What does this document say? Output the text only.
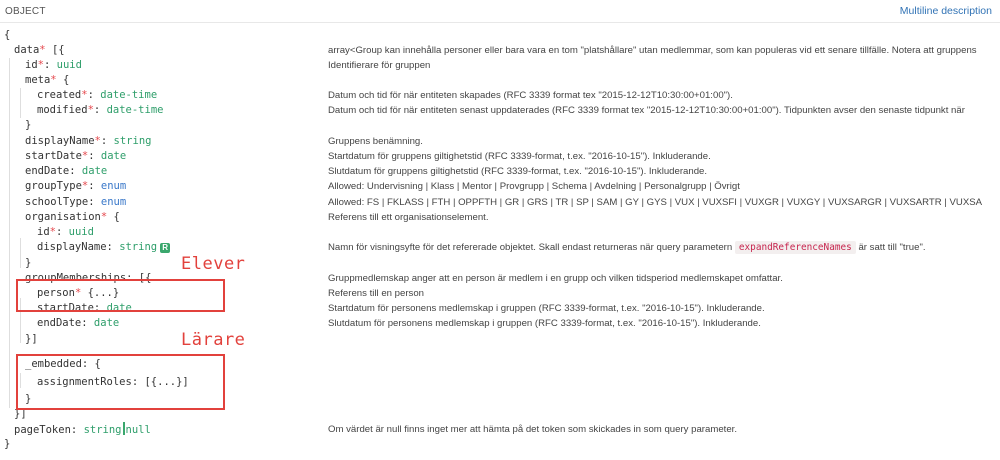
OBJECT	Multiline description
{
data* [{	array<Group kan innehålla personer eller bara vara en tom "platshållare" utan medlemmar, som kan populeras vid ett senare tillfälle. Notera att gruppens
id*: uuid	Identifierare för gruppen
meta* {
created*: date-time	Datum och tid för när entiteten skapades (RFC 3339 format tex "2015-12-12T10:30:00+01:00").
modified*: date-time	Datum och tid för när entiteten senast uppdaterades (RFC 3339 format tex "2015-12-12T10:30:00+01:00"). Tidpunkten avser den senaste tidpunkt när
}
displayName*: string	Gruppens benämning.
startDate*: date	Startdatum för gruppens giltighetstid (RFC 3339-format, t.ex. "2016-10-15"). Inkluderande.
endDate: date	Slutdatum för gruppens giltighetstid (RFC 3339-format, t.ex. "2016-10-15"). Inkluderande.
groupType*: enum	Allowed: Undervisning | Klass | Mentor | Provgrupp | Schema | Avdelning | Personalgrupp | Övrigt
schoolType: enum	Allowed: FS | FKLASS | FTH | OPPFTH | GR | GRS | TR | SP | SAM | GY | GYS | VUX | VUXSFI | VUXGR | VUXGY | VUXSARGR | VUXSARTR | VUXSA
organisation* {	Referens till ett organisationselement.
id*: uuid
displayName: string R	Namn för visningsyfte för det refererade objektet. Skall endast returneras när query parametern expandReferenceNames är satt till "true".
}
groupMemberships: [{	Gruppmedlemskap anger att en person är medlem i en grupp och vilken tidsperiod medlemskapet omfattar.
person* {...}	Referens till en person
startDate: date	Startdatum för personens medlemskap i gruppen (RFC 3339-format, t.ex. "2016-10-15"). Inkluderande.
endDate: date	Slutdatum för personens medlemskap i gruppen (RFC 3339-format, t.ex. "2016-10-15"). Inkluderande.
}]
_embedded: {
assignmentRoles: [{...}]
}
}]
pageToken: string null	Om värdet är null finns inget mer att hämta på det token som skickades in som query parameter.
}
Elever
Lärare
